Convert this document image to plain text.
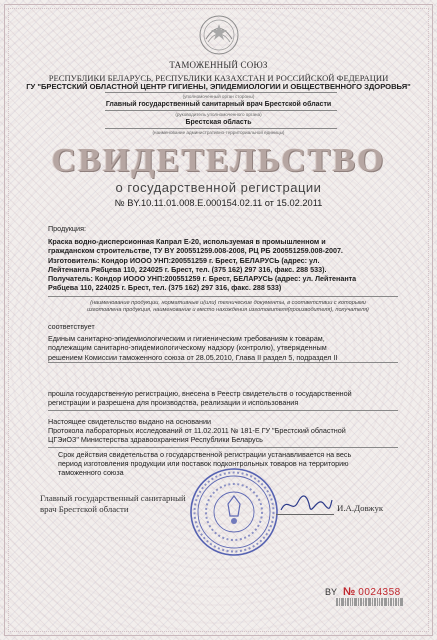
ТАМОЖЕННЫЙ СОЮЗ
РЕСПУБЛИКИ БЕЛАРУСЬ, РЕСПУБЛИКИ КАЗАХСТАН И РОССИЙСКОЙ ФЕДЕРАЦИИ
ГУ "БРЕСТСКИЙ ОБЛАСТНОЙ ЦЕНТР ГИГИЕНЫ, ЭПИДЕМИОЛОГИИ И ОБЩЕСТВЕННОГО ЗДОРОВЬЯ"
(уполномоченный орган стороны)
Главный государственный санитарный врач Брестской области
(руководитель уполномоченного органа)
Брестская область
(наименование административно-территориальной единицы)
СВИДЕТЕЛЬСТВО
о государственной регистрации
№ BY.10.11.01.008.Е.000154.02.11 от 15.02.2011
Продукция:
Краска водно-дисперсионная Капрал Е-20, используемая в промышленном и
гражданском строительстве, ТУ BY 200551259.008-2008, РЦ РБ 200551259.008-2007.
Изготовитель: Кондор ИООО УНП:200551259 г. Брест, БЕЛАРУСЬ (адрес: ул.
Лейтенанта Рябцева 110, 224025 г. Брест, тел. (375 162) 297 316, факс. 288 533).
Получатель: Кондор ИООО УНП:200551259 г. Брест, БЕЛАРУСЬ (адрес: ул. Лейтенанта
Рябцева 110, 224025 г. Брест, тел. (375 162) 297 316, факс. 288 533)
(наименование продукции, нормативные и(или) технические документы, в соответствии с которыми
изготовлена продукция, наименование и место нахождения изготовителя(производителя), получателя)
соответствует
Единым санитарно-эпидемиологическим и гигиеническим требованиям к товарам,
подлежащим санитарно-эпидемиологическому надзору (контролю), утвержденным
решением Комиссии таможенного союза от 28.05.2010, Глава II раздел 5, подраздел II
прошла государственную регистрацию, внесена в Реестр свидетельств о государственной
регистрации и разрешена для производства, реализации и использования
Настоящее свидетельство выдано на основании
Протокола лабораторных исследований от 11.02.2011 № 181-Е ГУ "Брестский областной
ЦГЭиОЗ" Министерства здравоохранения Республики Беларусь
Срок действия свидетельства о государственной регистрации устанавливается на весь
период изготовления продукции или поставок подконтрольных товаров на территорию
таможенного союза
Главный государственный санитарный
врач Брестской области	И.А.Довжук
BY № 0024358
